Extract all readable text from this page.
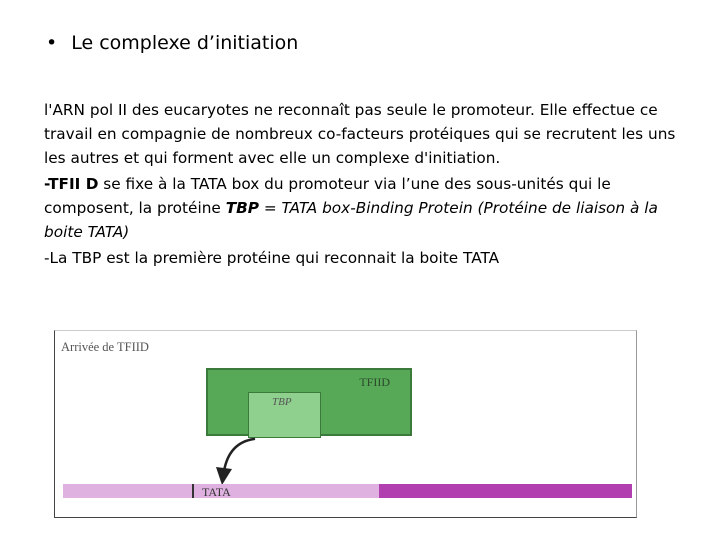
• Le complexe d’initiation

l'ARN pol II des eucaryotes ne reconnaît pas seule le promoteur. Elle effectue ce travail en compagnie de nombreux co-facteurs protéiques qui se recrutent les uns les autres et qui forment avec elle un complexe d'initiation.

-TFII D se fixe à la TATA box du promoteur via l’une des sous-unités qui le composent, la protéine TBP = TATA box-Binding Protein (Protéine de liaison à la boite TATA)

-La TBP est la première protéine qui reconnait la boite TATA

Arrivée de TFIID
TFIID
TBP
TATA
